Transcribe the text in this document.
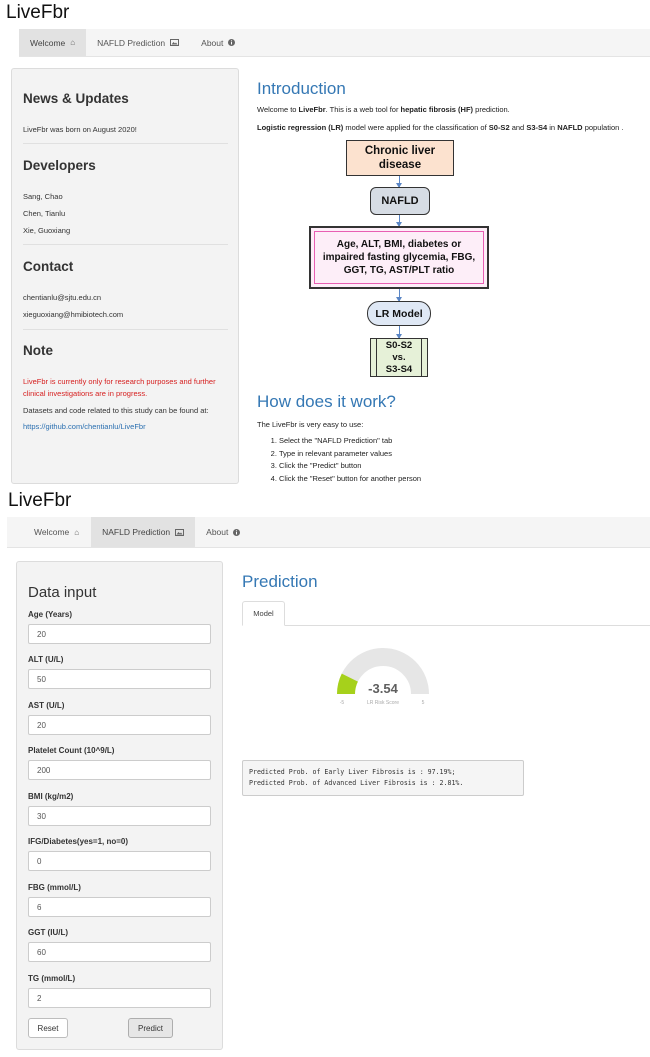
LiveFbr
Welcome ⌂	NAFLD Prediction	About
News & Updates
LiveFbr was born on August 2020!
Developers
Sang, Chao
Chen, Tianlu
Xie, Guoxiang
Contact
chentianlu@sjtu.edu.cn
xieguoxiang@hmibiotech.com
Note
LiveFbr is currently only for research purposes and further
clinical investigations are in progress.
Datasets and code related to this study can be found at:
https://github.com/chentianlu/LiveFbr
Introduction
Welcome to LiveFbr. This is a web tool for hepatic fibrosis (HF) prediction.
Logistic regression (LR) model were applied for the classification of S0-S2 and S3-S4 in NAFLD population .
Chronic liver
disease
NAFLD
Age, ALT, BMI, diabetes or
impaired fasting glycemia, FBG,
GGT, TG, AST/PLT ratio
LR Model
S0-S2
vs.
S3-S4
How does it work?
The LiveFbr is very easy to use:
1. Select the "NAFLD Prediction" tab
2. Type in relevant parameter values
3. Click the "Predict" button
4. Click the "Reset" button for another person
LiveFbr
Welcome ⌂	NAFLD Prediction	About
Data input
Age (Years)
20
ALT (U/L)
50
AST (U/L)
20
Platelet Count (10^9/L)
200
BMI (kg/m2)
30
IFG/Diabetes(yes=1, no=0)
0
FBG (mmol/L)
6
GGT (IU/L)
60
TG (mmol/L)
2
Reset	Predict
Prediction
Model
-3.54
LR Risk Score
-5	5
Predicted Prob. of Early Liver Fibrosis is : 97.19%;
Predicted Prob. of Advanced Liver Fibrosis is : 2.81%.
